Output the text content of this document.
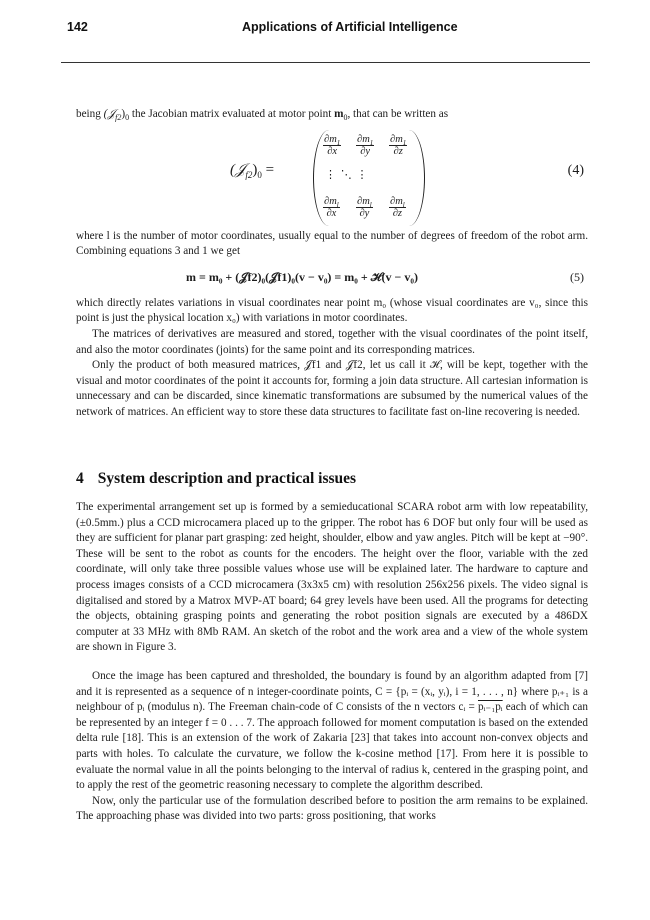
142	Applications of Artificial Intelligence

being $(𝒥_{f2})_0$ the Jacobian matrix evaluated at motor point $m_0$, that can be written as

$(𝒥_{f2})_0$ =
$\frac{\partial m_1}{\partial x} \frac{\partial m_1}{\partial y} \frac{\partial m_1}{\partial z}$
⋮ ⋱ ⋮
$\frac{\partial m_l}{\partial x} \frac{\partial m_l}{\partial y} \frac{\partial m_l}{\partial z}$
(4)

where l is the number of motor coordinates, usually equal to the number of degrees of freedom of the robot arm. Combining equations 3 and 1 we get

m = m₀ + (𝒥f2)₀(𝒥f1)₀(v − v₀) = m₀ + ℋ(v − v₀)	(5)

which directly relates variations in visual coordinates near point m₀ (whose visual coordinates are v₀, since this point is just the physical location x₀) with variations in motor coordinates.

The matrices of derivatives are measured and stored, together with the visual coordinates of the point itself, and also the motor coordinates (joints) for the same point and its corresponding matrices.

Only the product of both measured matrices, 𝒥f1 and 𝒥f2, let us call it ℋ, will be kept, together with the visual and motor coordinates of the point it accounts for, forming a join data structure. All cartesian information is unnecessary and can be discarded, since kinematic transformations are subsumed by the numerical values of the network of matrices. An efficient way to store these data structures to facilitate fast on-line recovering is needed.

4 System description and practical issues

The experimental arrangement set up is formed by a semieducational SCARA robot arm with low repeatability, (±0.5mm.) plus a CCD microcamera placed up to the gripper. The robot has 6 DOF but only four will be used as they are sufficient for planar part grasping: zed height, shoulder, elbow and yaw angles. Pitch will be kept at −90°. These will be sent to the robot as counts for the encoders. The height over the floor, variable with the zed coordinate, will only take three possible values whose use will be explained later. The hardware to capture and process images consists of a CCD microcamera (3x3x5 cm) with resolution 256x256 pixels. The video signal is digitalised and stored by a Matrox MVP-AT board; 64 grey levels have been used. All the programs for detecting the objects, obtaining grasping points and generating the robot position signals are executed by a 486DX computer at 33 MHz with 8Mb RAM. An sketch of the robot and the work area and a view of the whole system are shown in Figure 3.

Once the image has been captured and thresholded, the boundary is found by an algorithm adapted from [7] and it is represented as a sequence of n integer-coordinate points, C = {pᵢ = (xᵢ, yᵢ), i = 1, . . . , n} where pᵢ₊₁ is a neighbour of pᵢ (modulus n). The Freeman chain-code of C consists of the n vectors cᵢ = pᵢ₋₁pᵢ each of which can be represented by an integer f = 0 . . . 7. The approach followed for moment computation is based on the extended delta rule [18]. This is an extension of the work of Zakaria [23] that takes into account non-convex objects and parts with holes. To calculate the curvature, we follow the k-cosine method [17]. From here it is possible to evaluate the normal value in all the points belonging to the interval of radius k, centered in the grasping point, and to apply the rest of the geometric reasoning necessary to complete the algorithm described.

Now, only the particular use of the formulation described before to position the arm remains to be explained. The approaching phase was divided into two parts: gross positioning, that works
